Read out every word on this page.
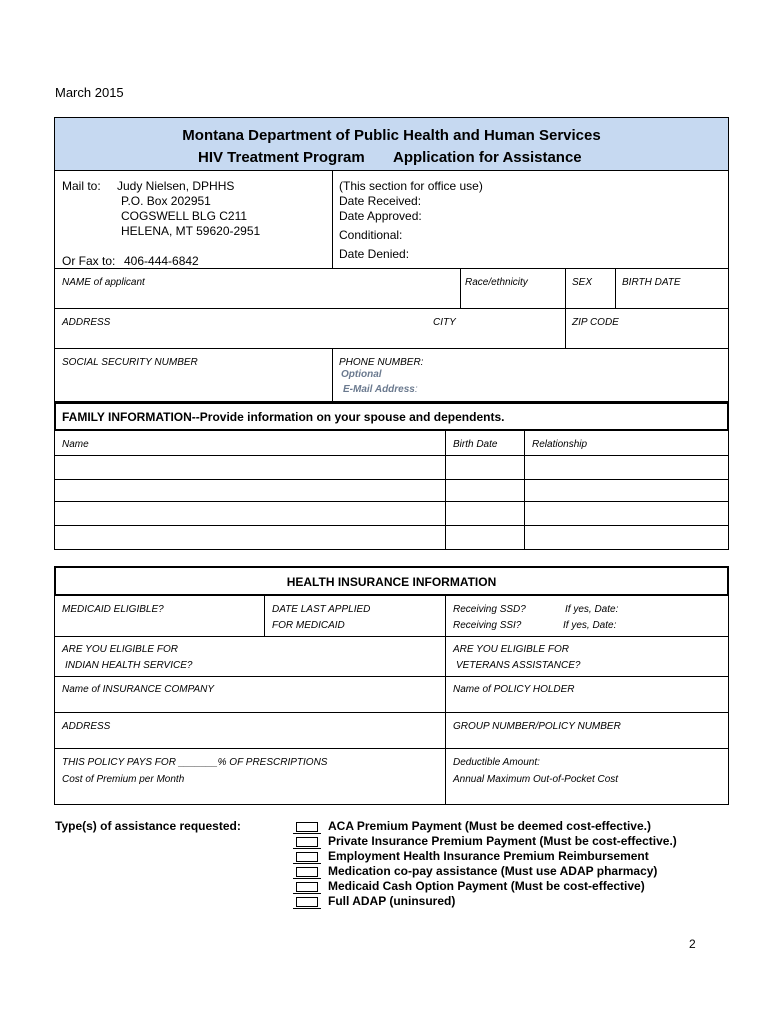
March 2015
Montana Department of Public Health and Human Services
HIV Treatment Program Application for Assistance
Mail to: Judy Nielsen, DPHHS
P.O. Box 202951
COGSWELL BLG C211
HELENA, MT 59620-2951
Or Fax to: 406-444-6842
(This section for office use)
Date Received:
Date Approved:
Conditional:
Date Denied:
NAME of applicant	Race/ethnicity	SEX	BIRTH DATE
ADDRESS	CITY	ZIP CODE
SOCIAL SECURITY NUMBER	PHONE NUMBER:
Optional
E-Mail Address:
FAMILY INFORMATION--Provide information on your spouse and dependents.
Name	Birth Date	Relationship
HEALTH INSURANCE INFORMATION
MEDICAID ELIGIBLE?	DATE LAST APPLIED
FOR MEDICAID
Receiving SSD?	If yes, Date:
Receiving SSI?	If yes, Date:
ARE YOU ELIGIBLE FOR
INDIAN HEALTH SERVICE?
ARE YOU ELIGIBLE FOR
VETERANS ASSISTANCE?
Name of INSURANCE COMPANY	Name of POLICY HOLDER
ADDRESS	GROUP NUMBER/POLICY NUMBER
THIS POLICY PAYS FOR _______% OF PRESCRIPTIONS
Cost of Premium per Month
Deductible Amount:
Annual Maximum Out-of-Pocket Cost
Type(s) of assistance requested:	ACA Premium Payment (Must be deemed cost-effective.)
Private Insurance Premium Payment (Must be cost-effective.)
Employment Health Insurance Premium Reimbursement
Medication co-pay assistance (Must use ADAP pharmacy)
Medicaid Cash Option Payment (Must be cost-effective)
Full ADAP (uninsured)
2
